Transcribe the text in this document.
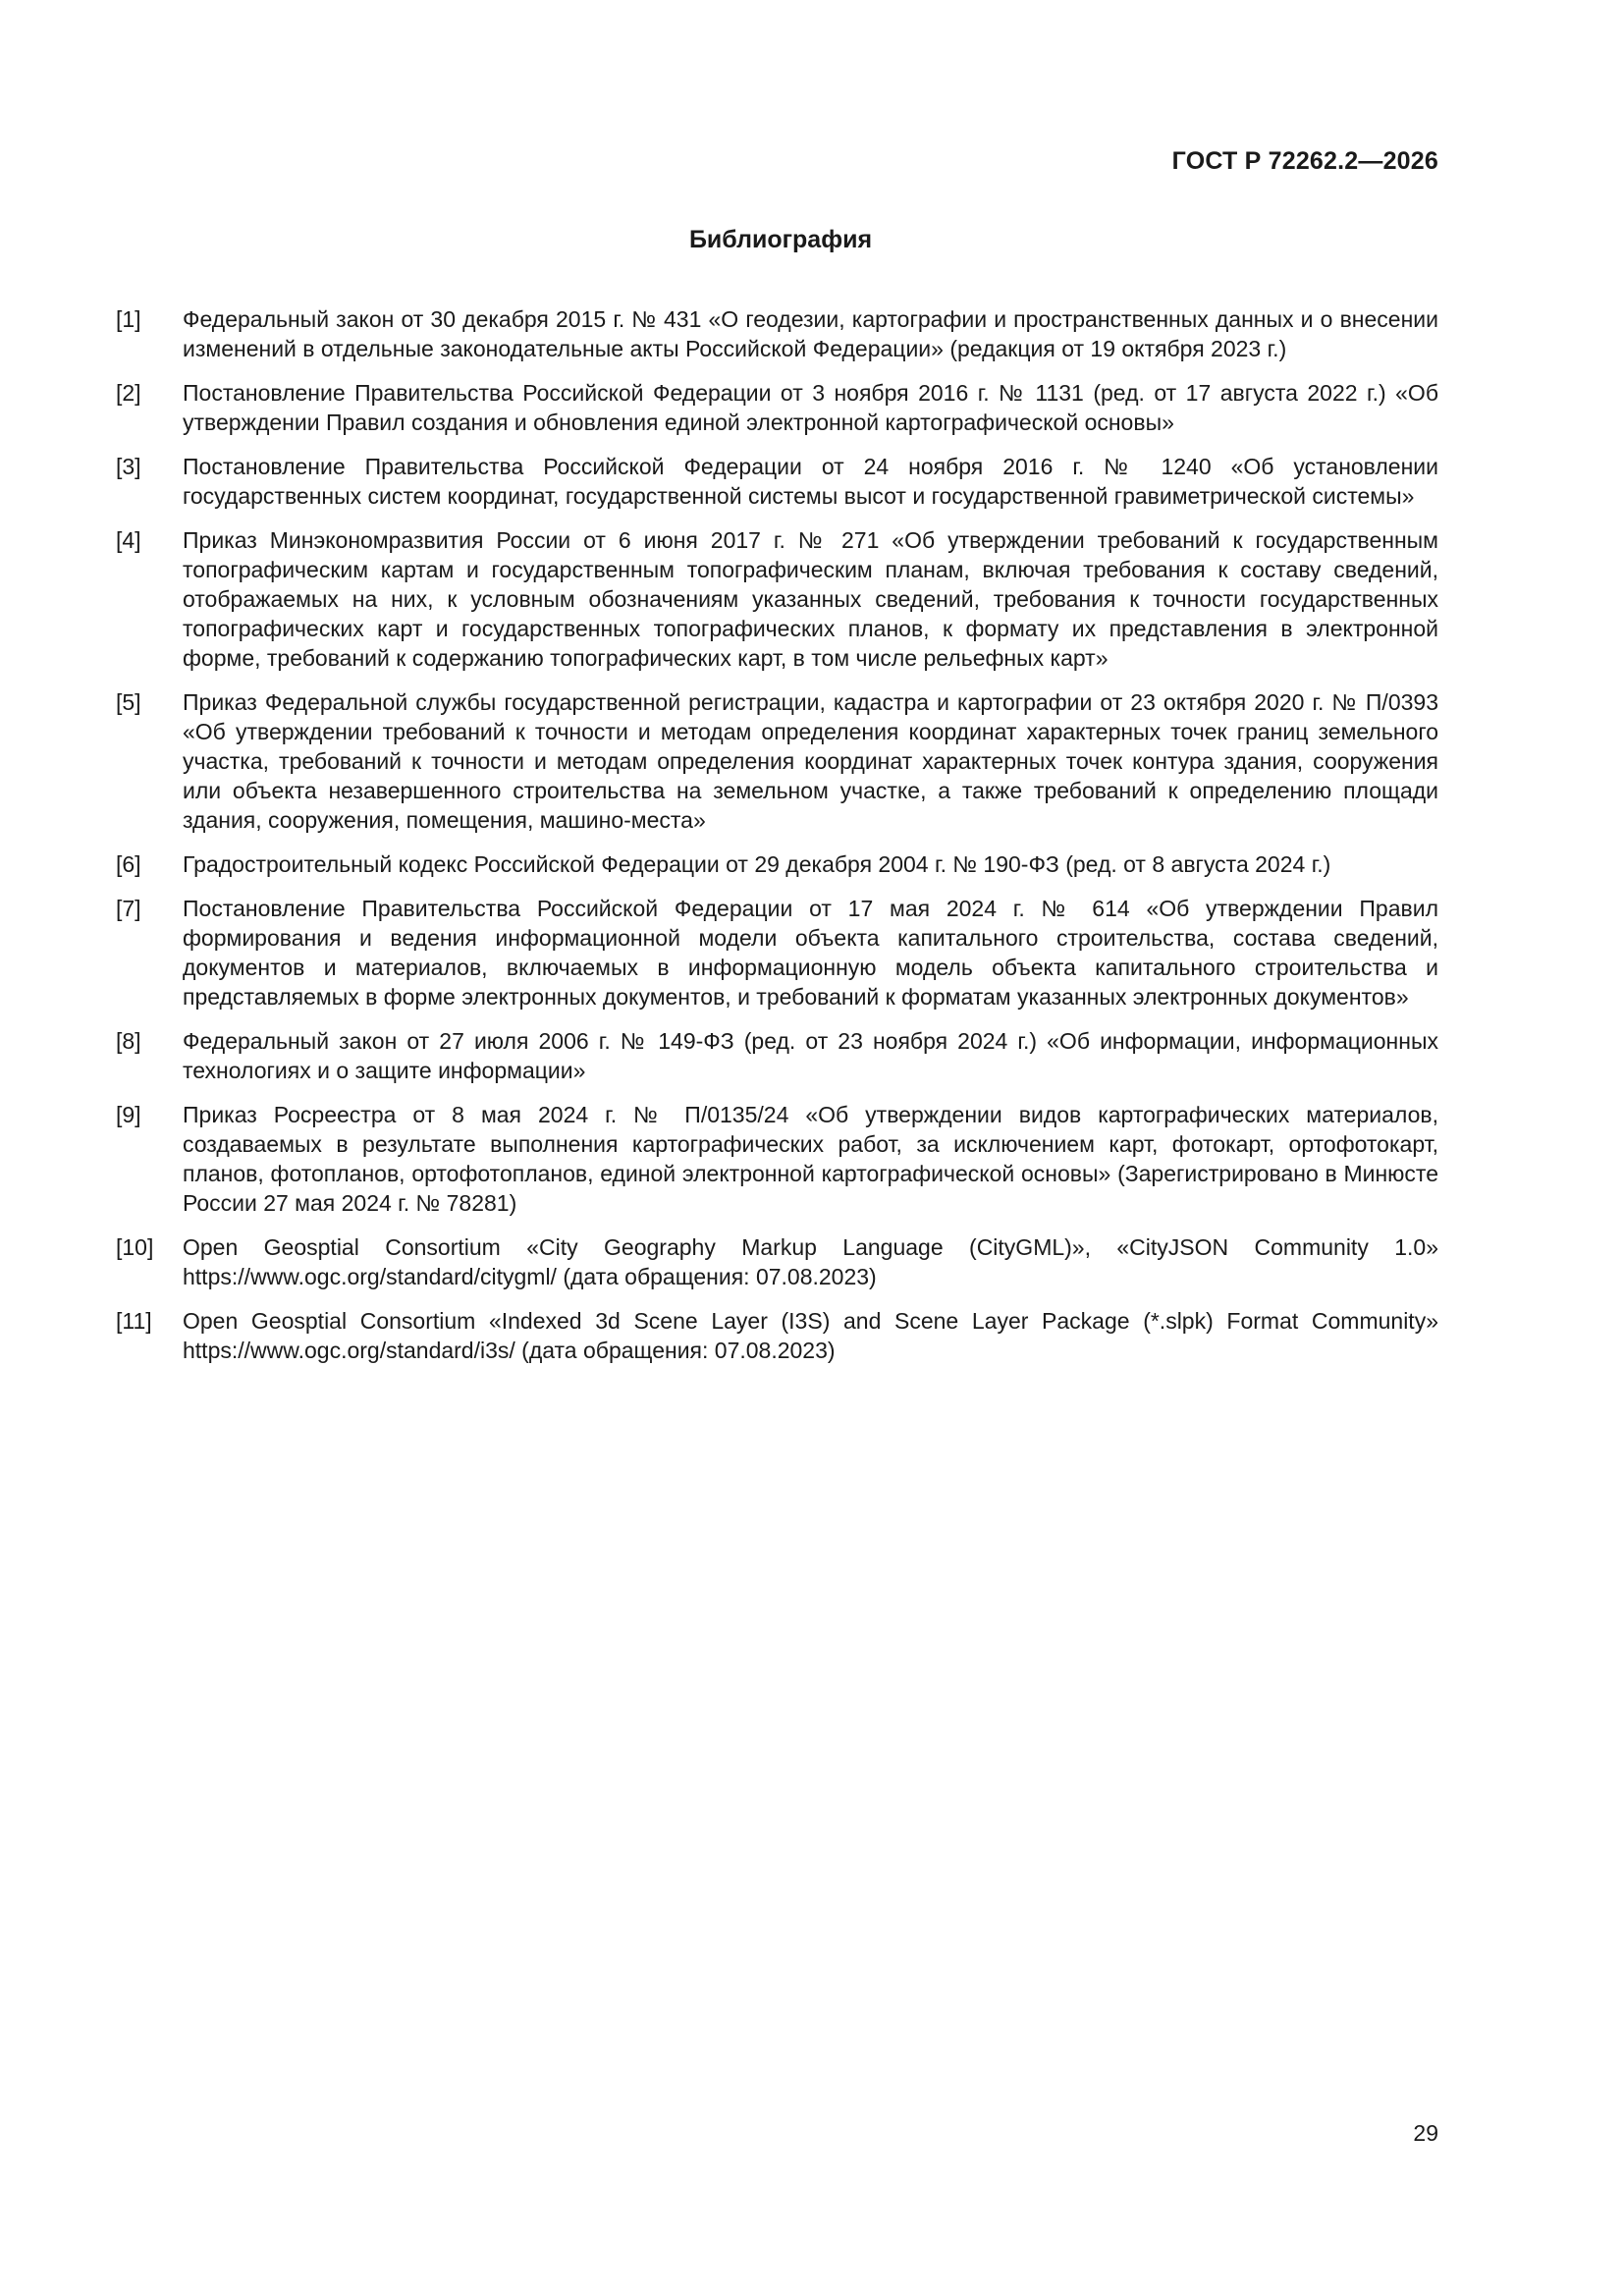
ГОСТ Р 72262.2—2026

Библиография
[1]	Федеральный закон от 30 декабря 2015 г. № 431 «О геодезии, картографии и пространственных данных и о внесении изменений в отдельные законодательные акты Российской Федерации» (редакция от 19 октября 2023 г.)

[2]	Постановление Правительства Российской Федерации от 3 ноября 2016 г. № 1131 (ред. от 17 августа 2022 г.) «Об утверждении Правил создания и обновления единой электронной картографической основы»

[3]	Постановление Правительства Российской Федерации от 24 ноября 2016 г. № 1240 «Об установлении государственных систем координат, государственной системы высот и государственной гравиметрической системы»

[4]	Приказ Минэкономразвития России от 6 июня 2017 г. № 271 «Об утверждении требований к государственным топографическим картам и государственным топографическим планам, включая требования к составу сведений, отображаемых на них, к условным обозначениям указанных сведений, требования к точности государственных топографических карт и государственных топографических планов, к формату их представления в электронной форме, требований к содержанию топографических карт, в том числе рельефных карт»

[5]	Приказ Федеральной службы государственной регистрации, кадастра и картографии от 23 октября 2020 г. № П/0393 «Об утверждении требований к точности и методам определения координат характерных точек границ земельного участка, требований к точности и методам определения координат характерных точек контура здания, сооружения или объекта незавершенного строительства на земельном участке, а также требований к определению площади здания, сооружения, помещения, машино-места»

[6]	Градостроительный кодекс Российской Федерации от 29 декабря 2004 г. № 190-ФЗ (ред. от 8 августа 2024 г.)

[7]	Постановление Правительства Российской Федерации от 17 мая 2024 г. № 614 «Об утверждении Правил формирования и ведения информационной модели объекта капитального строительства, состава сведений, документов и материалов, включаемых в информационную модель объекта капитального строительства и представляемых в форме электронных документов, и требований к форматам указанных электронных документов»

[8]	Федеральный закон от 27 июля 2006 г. № 149-ФЗ (ред. от 23 ноября 2024 г.) «Об информации, информационных технологиях и о защите информации»

[9]	Приказ Росреестра от 8 мая 2024 г. № П/0135/24 «Об утверждении видов картографических материалов, создаваемых в результате выполнения картографических работ, за исключением карт, фотокарт, ортофотокарт, планов, фотопланов, ортофотопланов, единой электронной картографической основы» (Зарегистрировано в Минюсте России 27 мая 2024 г. № 78281)

[10]	Open Geosptial Consortium «City Geography Markup Language (CityGML)», «CityJSON Community 1.0» https://www.ogc.org/standard/citygml/ (дата обращения: 07.08.2023)

[11]	Open Geosptial Consortium «Indexed 3d Scene Layer (I3S) and Scene Layer Package (*.slpk) Format Community» https://www.ogc.org/standard/i3s/ (дата обращения: 07.08.2023)

29
